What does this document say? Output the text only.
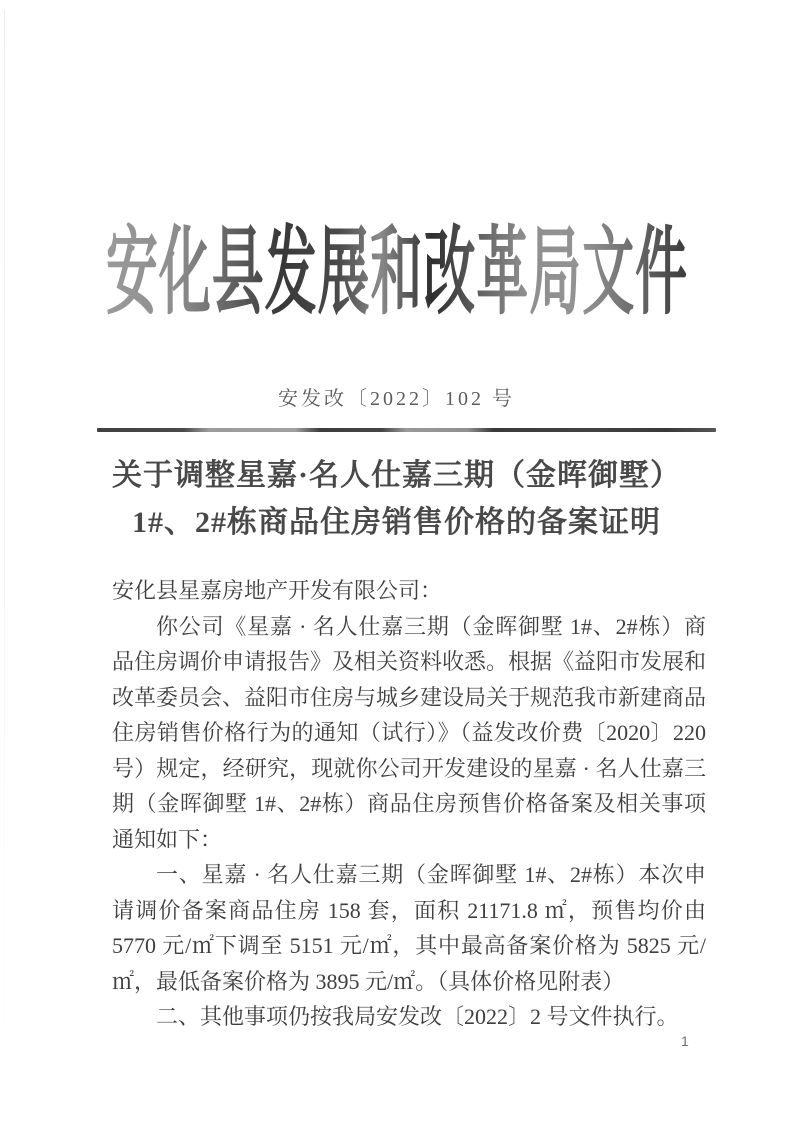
安化县发展和改革局文件
安发改〔2022〕102 号
关于调整星嘉·名人仕嘉三期（金晖御墅）
1#、2#栋商品住房销售价格的备案证明

安化县星嘉房地产开发有限公司：

你公司《星嘉 · 名人仕嘉三期（金晖御墅 1#、2#栋）商品住房调价申请报告》及相关资料收悉。根据《益阳市发展和改革委员会、益阳市住房与城乡建设局关于规范我市新建商品住房销售价格行为的通知（试行）》（益发改价费〔2020〕220 号）规定，经研究，现就你公司开发建设的星嘉 · 名人仕嘉三期（金晖御墅 1#、2#栋）商品住房预售价格备案及相关事项通知如下：

一、星嘉 · 名人仕嘉三期（金晖御墅 1#、2#栋）本次申请调价备案商品住房 158 套，面积 21171.8 ㎡，预售均价由 5770 元/㎡下调至 5151 元/㎡，其中最高备案价格为 5825 元/㎡，最低备案价格为 3895 元/㎡。（具体价格见附表）

二、其他事项仍按我局安发改〔2022〕2 号文件执行。

1
